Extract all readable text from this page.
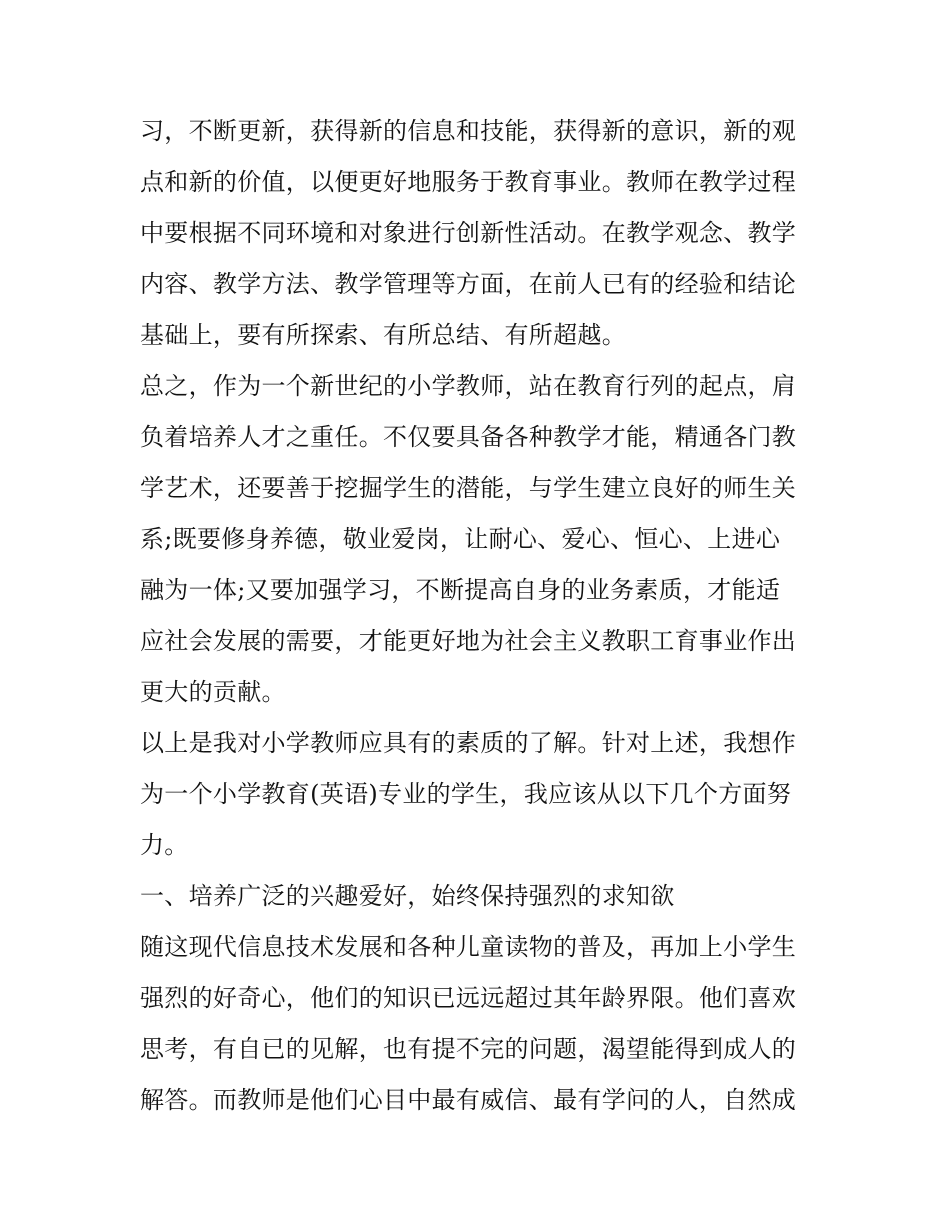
习，不断更新，获得新的信息和技能，获得新的意识，新的观
点和新的价值，以便更好地服务于教育事业。教师在教学过程
中要根据不同环境和对象进行创新性活动。在教学观念、教学
内容、教学方法、教学管理等方面，在前人已有的经验和结论
基础上，要有所探索、有所总结、有所超越。
总之，作为一个新世纪的小学教师，站在教育行列的起点，肩
负着培养人才之重任。不仅要具备各种教学才能，精通各门教
学艺术，还要善于挖掘学生的潜能，与学生建立良好的师生关
系;既要修身养德，敬业爱岗，让耐心、爱心、恒心、上进心
融为一体;又要加强学习，不断提高自身的业务素质，才能适
应社会发展的需要，才能更好地为社会主义教职工育事业作出
更大的贡献。
以上是我对小学教师应具有的素质的了解。针对上述，我想作
为一个小学教育(英语)专业的学生，我应该从以下几个方面努
力。
一、培养广泛的兴趣爱好，始终保持强烈的求知欲
随这现代信息技术发展和各种儿童读物的普及，再加上小学生
强烈的好奇心，他们的知识已远远超过其年龄界限。他们喜欢
思考，有自已的见解，也有提不完的问题，渴望能得到成人的
解答。而教师是他们心目中最有威信、最有学问的人，自然成
